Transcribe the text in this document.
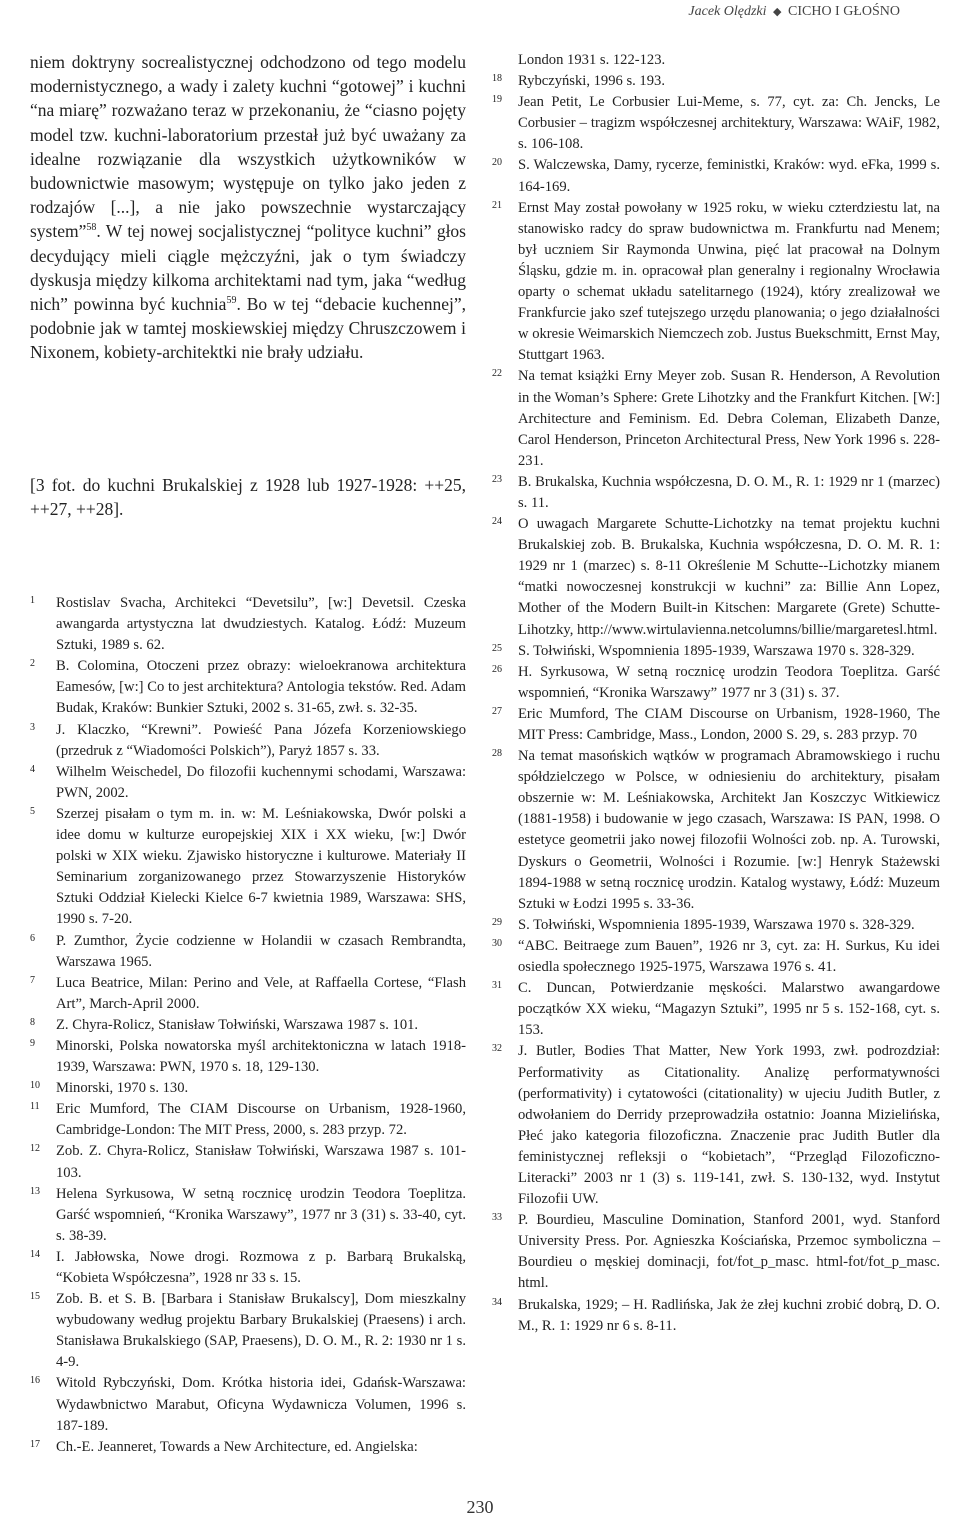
Jacek Olędzki ◆ CICHO I GŁOŚNO

niem doktryny socrealistycznej odchodzono od tego modelu modernistycznego, a wady i zalety kuchni “gotowej” i kuchni “na miarę” rozważano teraz w przekonaniu, że “ciasno pojęty model tzw. kuchni-laboratorium przestał już być uważany za idealne rozwiązanie dla wszystkich użytkowników w budownictwie masowym; występuje on tylko jako jeden z rodzajów [...], a nie jako powszechnie wystarczający system”$^{58}$. W tej nowej socjalistycznej “polityce kuchni” głos decydujący mieli ciągle mężczyźni, jak o tym świadczy dyskusja między kilkoma architektami nad tym, jaka “według nich” powinna być kuchnia$^{59}$. Bo w tej “debacie kuchennej”, podobnie jak w tamtej moskiewskiej między Chruszczowem i Nixonem, kobiety-architektki nie brały udziału.

[3 fot. do kuchni Brukalskiej z 1928 lub 1927-1928: ++25, ++27, ++28].

1	Rostislav Svacha, Architekci “Devetsilu”, [w:] Devetsil. Czeska awangarda artystyczna lat dwudziestych. Katalog. Łódź: Muzeum Sztuki, 1989 s. 62.
2	B. Colomina, Otoczeni przez obrazy: wieloekranowa architektura Eamesów, [w:] Co to jest architektura? Antologia tekstów. Red. Adam Budak, Kraków: Bunkier Sztuki, 2002 s. 31-65, zwł. s. 32-35.
3	J. Klaczko, “Krewni”. Powieść Pana Józefa Korzeniowskiego (przedruk z “Wiadomości Polskich”), Paryż 1857 s. 33.
4	Wilhelm Weischedel, Do filozofii kuchennymi schodami, Warszawa: PWN, 2002.
5	Szerzej pisałam o tym m. in. w: M. Leśniakowska, Dwór polski a idee domu w kulturze europejskiej XIX i XX wieku, [w:] Dwór polski w XIX wieku. Zjawisko historyczne i kulturowe. Materiały II Seminarium zorganizowanego przez Stowarzyszenie Historyków Sztuki Oddział Kielecki Kielce 6-7 kwietnia 1989, Warszawa: SHS, 1990 s. 7-20.
6	P. Zumthor, Życie codzienne w Holandii w czasach Rembrandta, Warszawa 1965.
7	Luca Beatrice, Milan: Perino and Vele, at Raffaella Cortese, “Flash Art”, March-April 2000.
8	Z. Chyra-Rolicz, Stanisław Tołwiński, Warszawa 1987 s. 101.
9	Minorski, Polska nowatorska myśl architektoniczna w latach 1918-1939, Warszawa: PWN, 1970 s. 18, 129-130.
10	Minorski, 1970 s. 130.
11	Eric Mumford, The CIAM Discourse on Urbanism, 1928-1960, Cambridge-London: The MIT Press, 2000, s. 283 przyp. 72.
12	Zob. Z. Chyra-Rolicz, Stanisław Tołwiński, Warszawa 1987 s. 101-103.
13	Helena Syrkusowa, W setną rocznicę urodzin Teodora Toeplitza. Garść wspomnień, “Kronika Warszawy”, 1977 nr 3 (31) s. 33-40, cyt. s. 38-39.
14	I. Jabłowska, Nowe drogi. Rozmowa z p. Barbarą Brukalską, “Kobieta Współczesna”, 1928 nr 33 s. 15.
15	Zob. B. et S. B. [Barbara i Stanisław Brukalscy], Dom mieszkalny wybudowany według projektu Barbary Brukalskiej (Praesens) i arch. Stanisława Brukalskiego (SAP, Praesens), D. O. M., R. 2: 1930 nr 1 s. 4-9.
16	Witold Rybczyński, Dom. Krótka historia idei, Gdańsk-Warszawa: Wydawbnictwo Marabut, Oficyna Wydawnicza Volumen, 1996 s. 187-189.
17	Ch.-E. Jeanneret, Towards a New Architecture, ed. Angielska:
London 1931 s. 122-123.
18	Rybczyński, 1996 s. 193.
19	Jean Petit, Le Corbusier Lui-Meme, s. 77, cyt. za: Ch. Jencks, Le Corbusier – tragizm współczesnej architektury, Warszawa: WAiF, 1982, s. 106-108.
20	S. Walczewska, Damy, rycerze, feministki, Kraków: wyd. eFka, 1999 s. 164-169.
21	Ernst May został powołany w 1925 roku, w wieku czterdziestu lat, na stanowisko radcy do spraw budownictwa m. Frankfurtu nad Menem; był uczniem Sir Raymonda Unwina, pięć lat pracował na Dolnym Śląsku, gdzie m. in. opracował plan generalny i regionalny Wrocławia oparty o schemat układu satelitarnego (1924), który zrealizował we Frankfurcie jako szef tutejszego urzędu planowania; o jego działalności w okresie Weimarskich Niemczech zob. Justus Buekschmitt, Ernst May, Stuttgart 1963.
22	Na temat książki Erny Meyer zob. Susan R. Henderson, A Revolution in the Woman’s Sphere: Grete Lihotzky and the Frankfurt Kitchen. [W:] Architecture and Feminism. Ed. Debra Coleman, Elizabeth Danze, Carol Henderson, Princeton Architectural Press, New York 1996 s. 228-231.
23	B. Brukalska, Kuchnia współczesna, D. O. M., R. 1: 1929 nr 1 (marzec) s. 11.
24	O uwagach Margarete Schutte-Lichotzky na temat projektu kuchni Brukalskiej zob. B. Brukalska, Kuchnia współczesna, D. O. M. R. 1: 1929 nr 1 (marzec) s. 8-11 Określenie M Schutte--Lichotzky mianem “matki nowoczesnej konstrukcji w kuchni” za: Billie Ann Lopez, Mother of the Modern Built-in Kitschen: Margarete (Grete) Schutte-Lihotzky, http://www.wirtulavienna.netcolumns/billie/margaretesl.html.
25	S. Tołwiński, Wspomnienia 1895-1939, Warszawa 1970 s. 328-329.
26	H. Syrkusowa, W setną rocznicę urodzin Teodora Toeplitza. Garść wspomnień, “Kronika Warszawy” 1977 nr 3 (31) s. 37.
27	Eric Mumford, The CIAM Discourse on Urbanism, 1928-1960, The MIT Press: Cambridge, Mass., London, 2000 S. 29, s. 283 przyp. 70
28	Na temat masońskich wątków w programach Abramowskiego i ruchu spółdzielczego w Polsce, w odniesieniu do architektury, pisałam obszernie w: M. Leśniakowska, Architekt Jan Koszczyc Witkiewicz (1881-1958) i budowanie w jego czasach, Warszawa: IS PAN, 1998. O estetyce geometrii jako nowej filozofii Wolności zob. np. A. Turowski, Dyskurs o Geometrii, Wolności i Rozumie. [w:] Henryk Stażewski 1894-1988 w setną rocznicę urodzin. Katalog wystawy, Łódź: Muzeum Sztuki w Łodzi 1995 s. 33-36.
29	S. Tołwiński, Wspomnienia 1895-1939, Warszawa 1970 s. 328-329.
30	“ABC. Beitraege zum Bauen”, 1926 nr 3, cyt. za: H. Surkus, Ku idei osiedla społecznego 1925-1975, Warszawa 1976 s. 41.
31	C. Duncan, Potwierdzanie męskości. Malarstwo awangardowe początków XX wieku, “Magazyn Sztuki”, 1995 nr 5 s. 152-168, cyt. s. 153.
32	J. Butler, Bodies That Matter, New York 1993, zwł. podrozdział: Performativity as Citationality. Analizę performatywności (performativity) i cytatowości (citationality) w ujeciu Judith Butler, z odwołaniem do Derridy przeprowadziła ostatnio: Joanna Mizielińska, Płeć jako kategoria filozoficzna. Znaczenie prac Judith Butler dla feministycznej refleksji o “kobietach”, “Przegląd Filozoficzno-Literacki” 2003 nr 1 (3) s. 119-141, zwł. S. 130-132, wyd. Instytut Filozofii UW.
33	P. Bourdieu, Masculine Domination, Stanford 2001, wyd. Stanford University Press. Por. Agnieszka Kościańska, Przemoc symboliczna – Bourdieu o męskiej dominacji, fot/fot_p_masc. html-fot/fot_p_masc. html.
34	Brukalska, 1929; – H. Radlińska, Jak że złej kuchni zrobić dobrą, D. O. M., R. 1: 1929 nr 6 s. 8-11.
230
